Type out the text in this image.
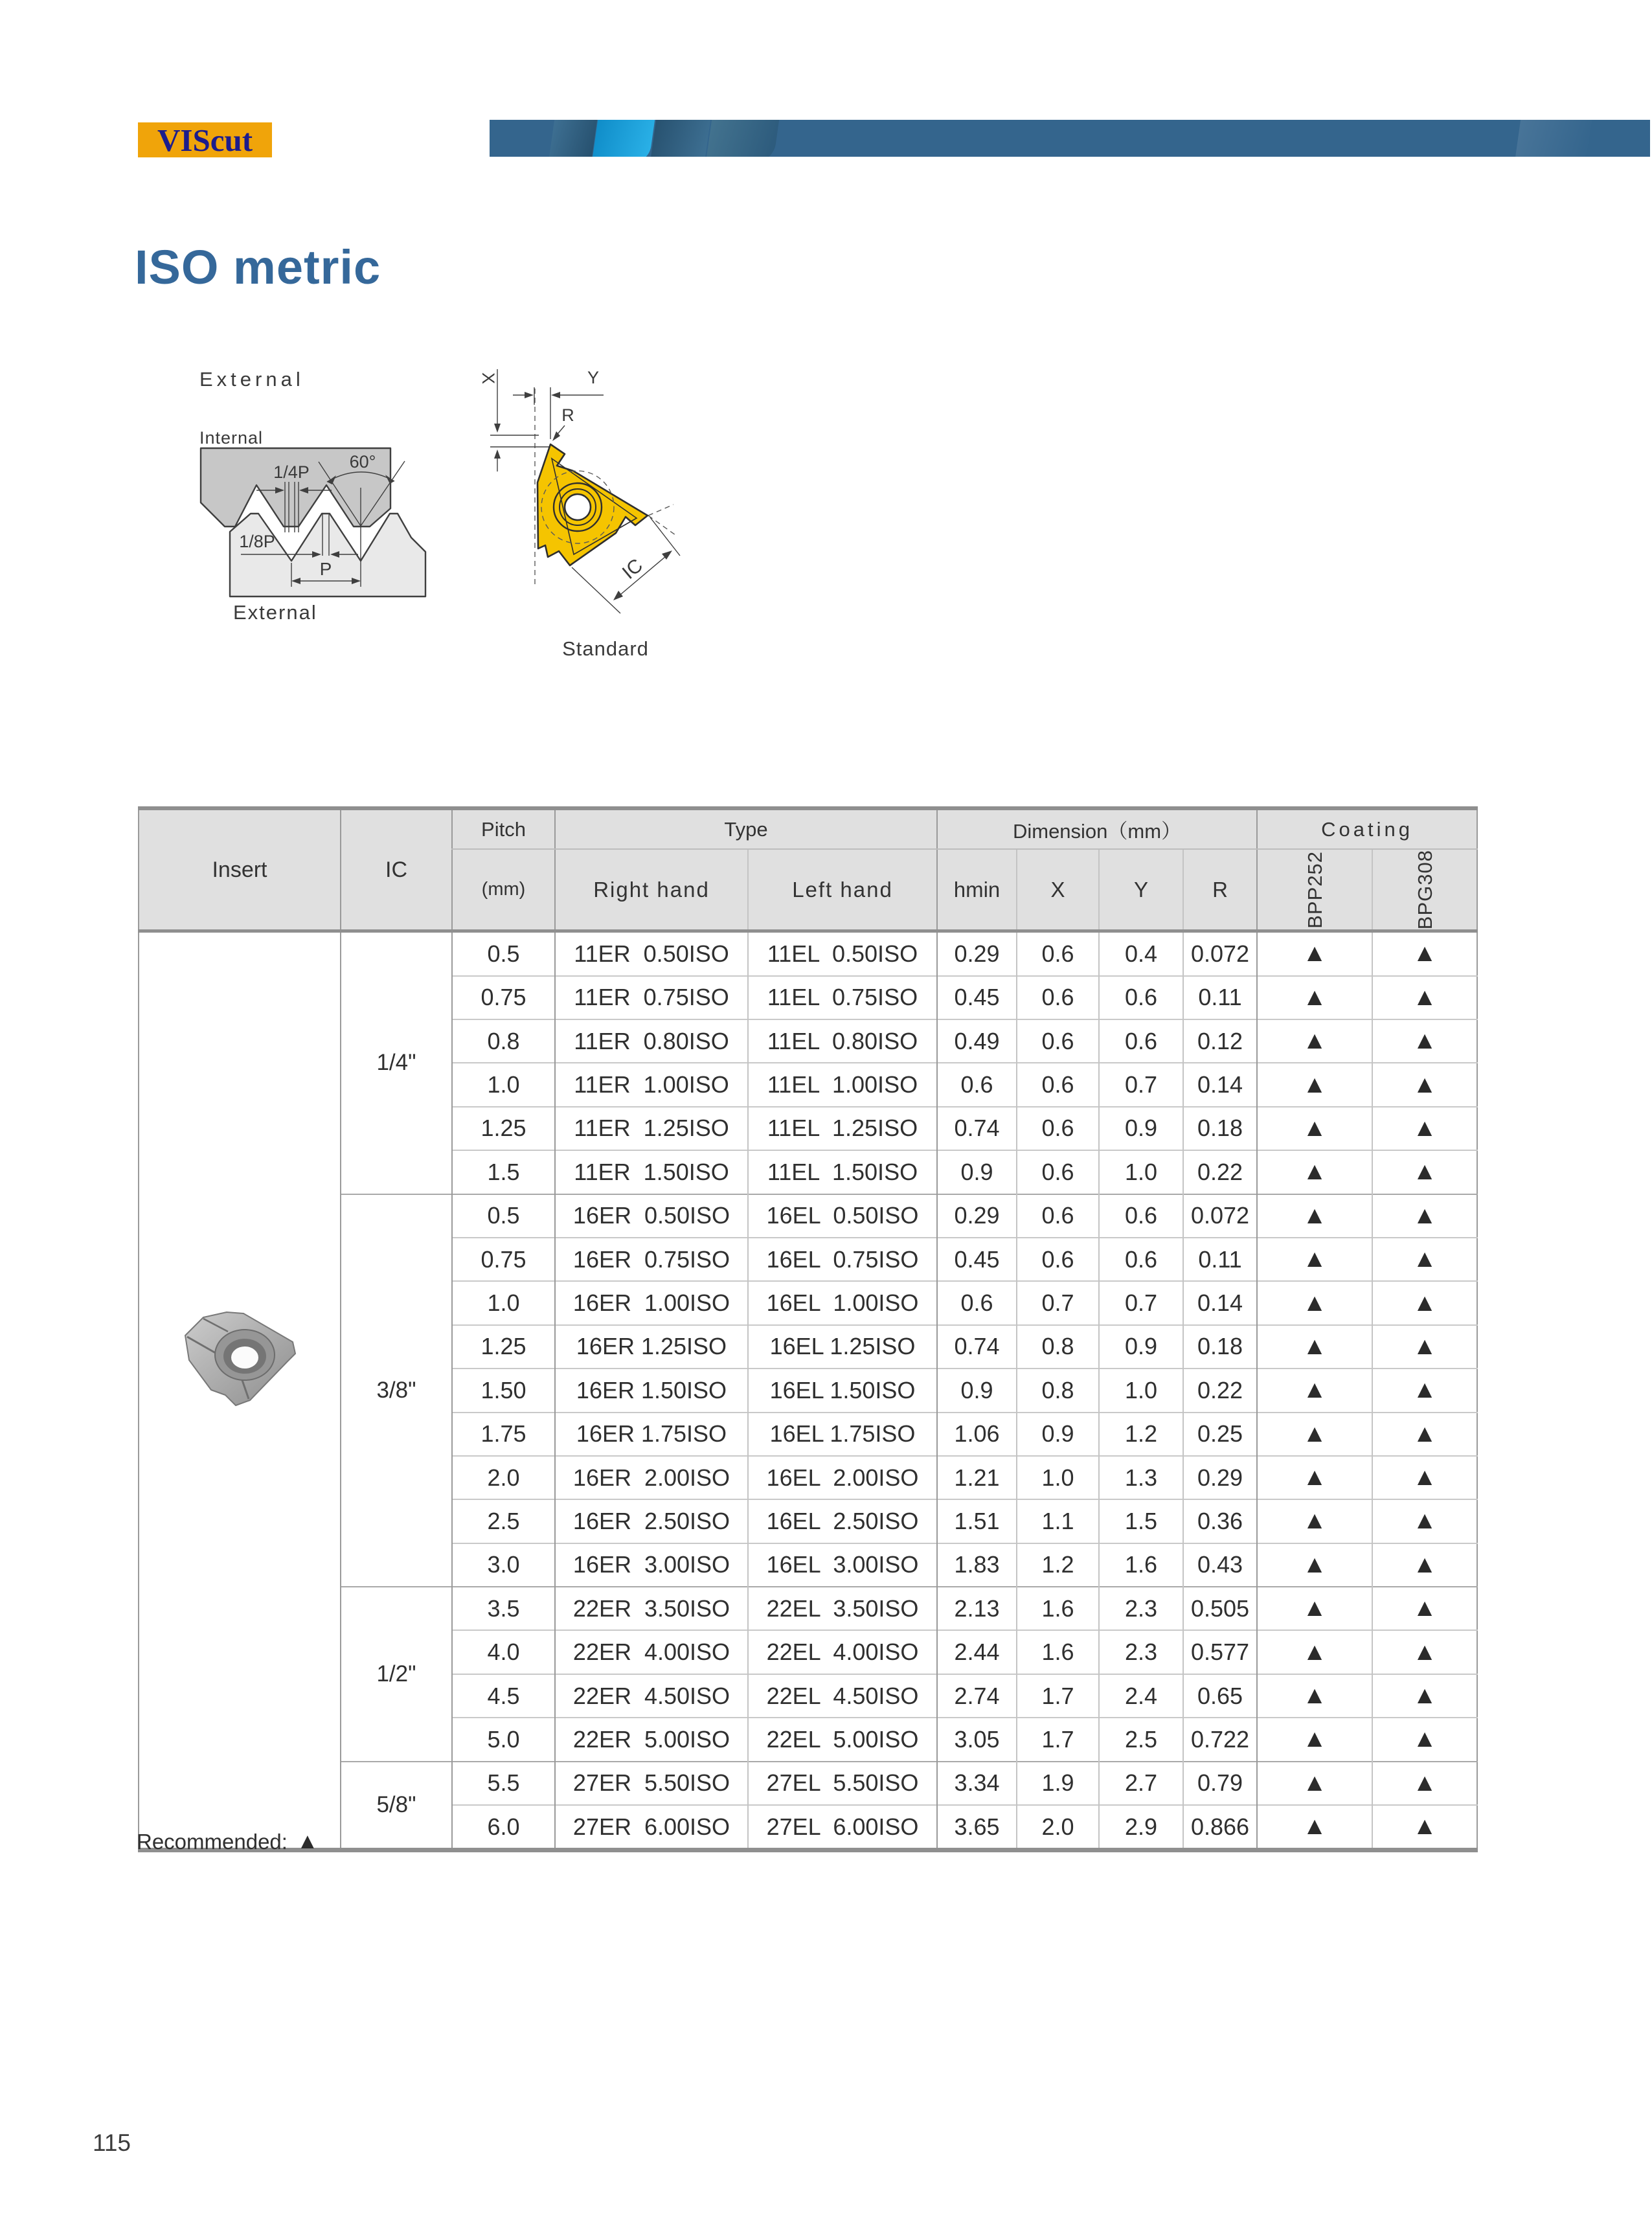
VIScut
ISO metric
External
Internal
1/4P
60°
1/8P
P
External
X	Y
R
IC
Standard
Insert	IC	Pitch	Type		Dimension（mm）				Coating	
		(mm)	Right hand	Left hand	hmin	X	Y	R	BPP252	BPG308

	1/4"	0.5	11ER  0.50ISO	11EL  0.50ISO	0.29	0.6	0.4	0.072	▲	▲
		0.75	11ER  0.75ISO	11EL  0.75ISO	0.45	0.6	0.6	0.11	▲	▲
		0.8	11ER  0.80ISO	11EL  0.80ISO	0.49	0.6	0.6	0.12	▲	▲
		1.0	11ER  1.00ISO	11EL  1.00ISO	0.6	0.6	0.7	0.14	▲	▲
		1.25	11ER  1.25ISO	11EL  1.25ISO	0.74	0.6	0.9	0.18	▲	▲
		1.5	11ER  1.50ISO	11EL  1.50ISO	0.9	0.6	1.0	0.22	▲	▲
	3/8"	0.5	16ER  0.50ISO	16EL  0.50ISO	0.29	0.6	0.6	0.072	▲	▲
		0.75	16ER  0.75ISO	16EL  0.75ISO	0.45	0.6	0.6	0.11	▲	▲
		1.0	16ER  1.00ISO	16EL  1.00ISO	0.6	0.7	0.7	0.14	▲	▲
		1.25	16ER 1.25ISO	16EL 1.25ISO	0.74	0.8	0.9	0.18	▲	▲
		1.50	16ER 1.50ISO	16EL 1.50ISO	0.9	0.8	1.0	0.22	▲	▲
		1.75	16ER 1.75ISO	16EL 1.75ISO	1.06	0.9	1.2	0.25	▲	▲
		2.0	16ER  2.00ISO	16EL  2.00ISO	1.21	1.0	1.3	0.29	▲	▲
		2.5	16ER  2.50ISO	16EL  2.50ISO	1.51	1.1	1.5	0.36	▲	▲
		3.0	16ER  3.00ISO	16EL  3.00ISO	1.83	1.2	1.6	0.43	▲	▲
	1/2"	3.5	22ER  3.50ISO	22EL  3.50ISO	2.13	1.6	2.3	0.505	▲	▲
		4.0	22ER  4.00ISO	22EL  4.00ISO	2.44	1.6	2.3	0.577	▲	▲
		4.5	22ER  4.50ISO	22EL  4.50ISO	2.74	1.7	2.4	0.65	▲	▲
		5.0	22ER  5.00ISO	22EL  5.00ISO	3.05	1.7	2.5	0.722	▲	▲
	5/8"	5.5	27ER  5.50ISO	27EL  5.50ISO	3.34	1.9	2.7	0.79	▲	▲
		6.0	27ER  6.00ISO	27EL  6.00ISO	3.65	2.0	2.9	0.866	▲	▲
Recommended: ▲
115
